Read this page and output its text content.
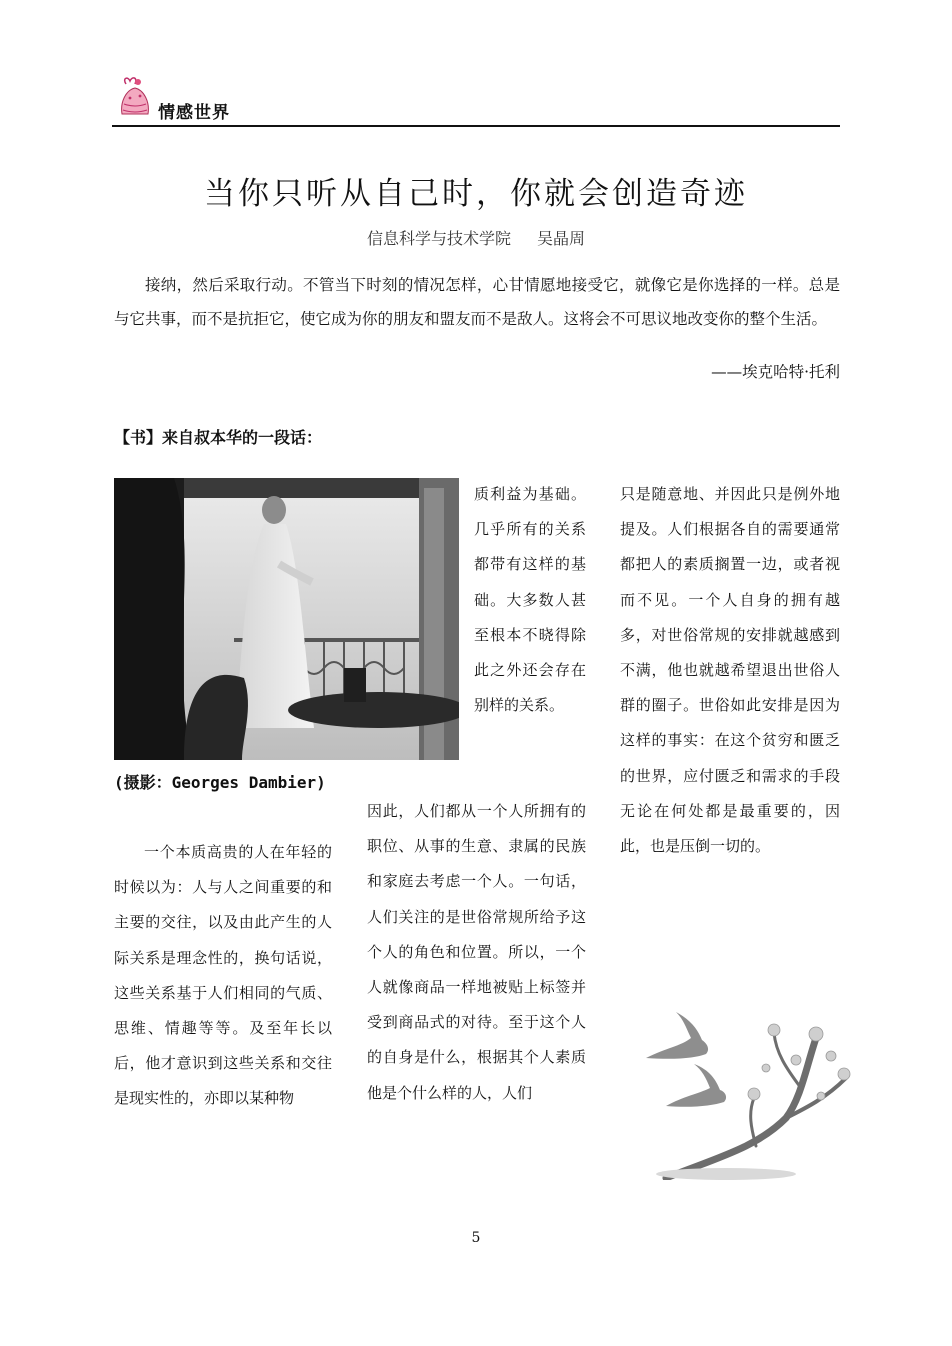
情感世界
当你只听从自己时，你就会创造奇迹
信息科学与技术学院 吴晶周
接纳，然后采取行动。不管当下时刻的情况怎样，心甘情愿地接受它，就像它是你选择的一样。总是与它共事，而不是抗拒它，使它成为你的朋友和盟友而不是敌人。这将会不可思议地改变你的整个生活。
——埃克哈特·托利
【书】来自叔本华的一段话：
(摄影：Georges Dambier)
一个本质高贵的人在年轻的时候以为：人与人之间重要的和主要的交往，以及由此产生的人际关系是理念性的，换句话说，这些关系基于人们相同的气质、思维、情趣等等。及至年长以后，他才意识到这些关系和交往是现实性的，亦即以某种物
质利益为基础。几乎所有的关系都带有这样的基础。大多数人甚至根本不晓得除此之外还会存在别样的关系。
因此，人们都从一个人所拥有的职位、从事的生意、隶属的民族和家庭去考虑一个人。一句话，人们关注的是世俗常规所给予这个人的角色和位置。所以，一个人就像商品一样地被贴上标签并受到商品式的对待。至于这个人的自身是什么，根据其个人素质他是个什么样的人，人们
只是随意地、并因此只是例外地提及。人们根据各自的需要通常都把人的素质搁置一边，或者视而不见。一个人自身的拥有越多，对世俗常规的安排就越感到不满，他也就越希望退出世俗人群的圈子。世俗如此安排是因为这样的事实：在这个贫穷和匮乏的世界，应付匮乏和需求的手段无论在何处都是最重要的，因此，也是压倒一切的。
5
